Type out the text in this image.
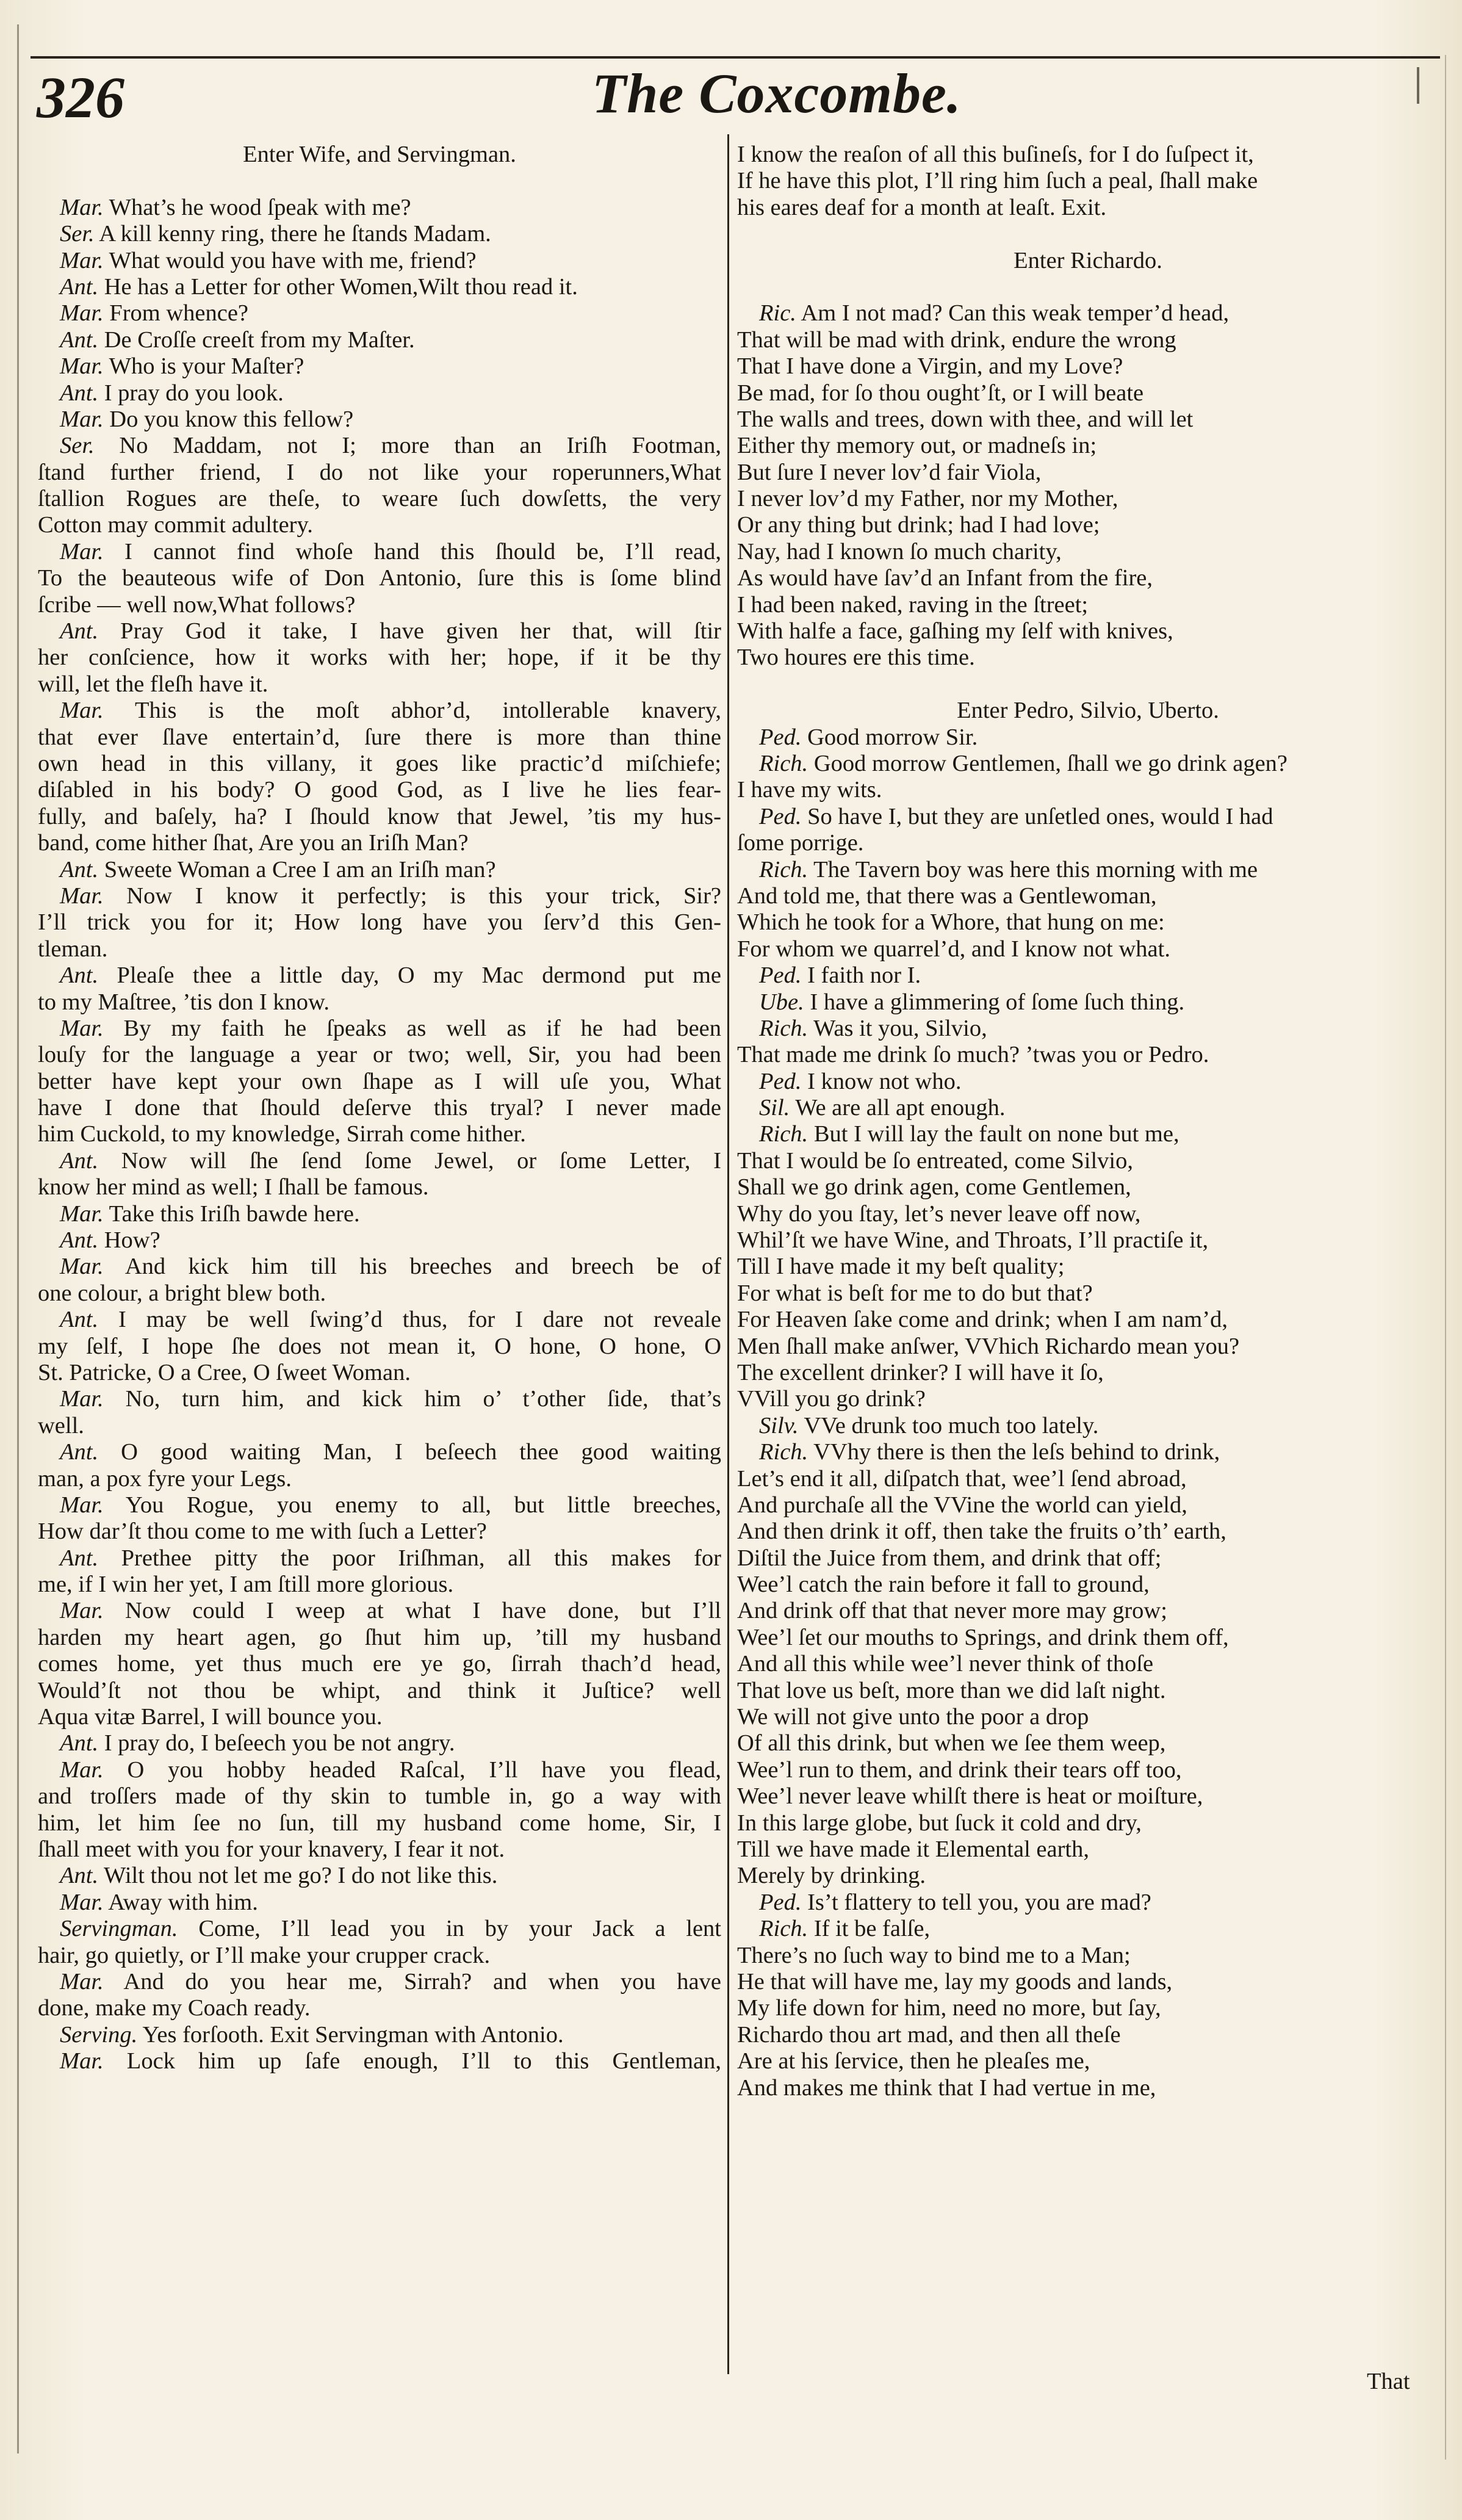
326	The Coxcombe.
Enter Wife, and Servingman.
Mar. What’s he wood ſpeak with me?
Ser. A kill kenny ring, there he ſtands Madam.
Mar. What would you have with me, friend?
Ant. He has a Letter for other Women,Wilt thou read it.
Mar. From whence?
Ant. De Croſſe creeſt from my Maſter.
Mar. Who is your Maſter?
Ant. I pray do you look.
Mar. Do you know this fellow?
Ser. No Maddam, not I; more than an Iriſh Footman,
ſtand further friend, I do not like your roperunners,What
ſtallion Rogues are theſe, to weare ſuch dowſetts, the very
Cotton may commit adultery.
Mar. I cannot find whoſe hand this ſhould be, I’ll read,
To the beauteous wife of Don Antonio, ſure this is ſome blind
ſcribe — well now,What follows?
Ant. Pray God it take, I have given her that, will ſtir
her conſcience, how it works with her; hope, if it be thy
will, let the fleſh have it.
Mar. This is the moſt abhor’d, intollerable knavery,
that ever ſlave entertain’d, ſure there is more than thine
own head in this villany, it goes like practic’d miſchiefe;
diſabled in his body? O good God, as I live he lies fear-
fully, and baſely, ha? I ſhould know that Jewel, ’tis my hus-
band, come hither ſhat, Are you an Iriſh Man?
Ant. Sweete Woman a Cree I am an Iriſh man?
Mar. Now I know it perfectly; is this your trick, Sir?
I’ll trick you for it; How long have you ſerv’d this Gen-
tleman.
Ant. Pleaſe thee a little day, O my Mac dermond put me
to my Maſtree, ’tis don I know.
Mar. By my faith he ſpeaks as well as if he had been
louſy for the language a year or two; well, Sir, you had been
better have kept your own ſhape as I will uſe you, What
have I done that ſhould deſerve this tryal? I never made
him Cuckold, to my knowledge, Sirrah come hither.
Ant. Now will ſhe ſend ſome Jewel, or ſome Letter, I
know her mind as well; I ſhall be famous.
Mar. Take this Iriſh bawde here.
Ant. How?
Mar. And kick him till his breeches and breech be of
one colour, a bright blew both.
Ant. I may be well ſwing’d thus, for I dare not reveale
my ſelf, I hope ſhe does not mean it, O hone, O hone, O
St. Patricke, O a Cree, O ſweet Woman.
Mar. No, turn him, and kick him o’ t’other ſide, that’s
well.
Ant. O good waiting Man, I beſeech thee good waiting
man, a pox fyre your Legs.
Mar. You Rogue, you enemy to all, but little breeches,
How dar’ſt thou come to me with ſuch a Letter?
Ant. Prethee pitty the poor Iriſhman, all this makes for
me, if I win her yet, I am ſtill more glorious.
Mar. Now could I weep at what I have done, but I’ll
harden my heart agen, go ſhut him up, ’till my husband
comes home, yet thus much ere ye go, ſirrah thach’d head,
Would’ſt not thou be whipt, and think it Juſtice? well
Aqua vitæ Barrel, I will bounce you.
Ant. I pray do, I beſeech you be not angry.
Mar. O you hobby headed Raſcal, I’ll have you flead,
and troſſers made of thy skin to tumble in, go a way with
him, let him ſee no ſun, till my husband come home, Sir, I
ſhall meet with you for your knavery, I fear it not.
Ant. Wilt thou not let me go? I do not like this.
Mar. Away with him.
Servingman. Come, I’ll lead you in by your Jack a lent
hair, go quietly, or I’ll make your crupper crack.
Mar. And do you hear me, Sirrah? and when you have
done, make my Coach ready.
Serving. Yes forſooth. Exit Servingman with Antonio.
Mar. Lock him up ſafe enough, I’ll to this Gentleman,
I know the reaſon of all this buſineſs, for I do ſuſpect it,
If he have this plot, I’ll ring him ſuch a peal, ſhall make
his eares deaf for a month at leaſt. Exit.
Enter Richardo.
Ric. Am I not mad? Can this weak temper’d head,
That will be mad with drink, endure the wrong
That I have done a Virgin, and my Love?
Be mad, for ſo thou ought’ſt, or I will beate
The walls and trees, down with thee, and will let
Either thy memory out, or madneſs in;
But ſure I never lov’d fair Viola,
I never lov’d my Father, nor my Mother,
Or any thing but drink; had I had love;
Nay, had I known ſo much charity,
As would have ſav’d an Infant from the fire,
I had been naked, raving in the ſtreet;
With halfe a face, gaſhing my ſelf with knives,
Two houres ere this time.
Enter Pedro, Silvio, Uberto.
Ped. Good morrow Sir.
Rich. Good morrow Gentlemen, ſhall we go drink agen?
I have my wits.
Ped. So have I, but they are unſetled ones, would I had
ſome porrige.
Rich. The Tavern boy was here this morning with me
And told me, that there was a Gentlewoman,
Which he took for a Whore, that hung on me:
For whom we quarrel’d, and I know not what.
Ped. I faith nor I.
Ube. I have a glimmering of ſome ſuch thing.
Rich. Was it you, Silvio,
That made me drink ſo much? ’twas you or Pedro.
Ped. I know not who.
Sil. We are all apt enough.
Rich. But I will lay the fault on none but me,
That I would be ſo entreated, come Silvio,
Shall we go drink agen, come Gentlemen,
Why do you ſtay, let’s never leave off now,
Whil’ſt we have Wine, and Throats, I’ll practiſe it,
Till I have made it my beſt quality;
For what is beſt for me to do but that?
For Heaven ſake come and drink; when I am nam’d,
Men ſhall make anſwer, VVhich Richardo mean you?
The excellent drinker? I will have it ſo,
VVill you go drink?
Silv. VVe drunk too much too lately.
Rich. VVhy there is then the leſs behind to drink,
Let’s end it all, diſpatch that, wee’l ſend abroad,
And purchaſe all the VVine the world can yield,
And then drink it off, then take the fruits o’th’ earth,
Diſtil the Juice from them, and drink that off;
Wee’l catch the rain before it fall to ground,
And drink off that that never more may grow;
Wee’l ſet our mouths to Springs, and drink them off,
And all this while wee’l never think of thoſe
That love us beſt, more than we did laſt night.
We will not give unto the poor a drop
Of all this drink, but when we ſee them weep,
Wee’l run to them, and drink their tears off too,
Wee’l never leave whilſt there is heat or moiſture,
In this large globe, but ſuck it cold and dry,
Till we have made it Elemental earth,
Merely by drinking.
Ped. Is’t flattery to tell you, you are mad?
Rich. If it be falſe,
There’s no ſuch way to bind me to a Man;
He that will have me, lay my goods and lands,
My life down for him, need no more, but ſay,
Richardo thou art mad, and then all theſe
Are at his ſervice, then he pleaſes me,
And makes me think that I had vertue in me,
That
